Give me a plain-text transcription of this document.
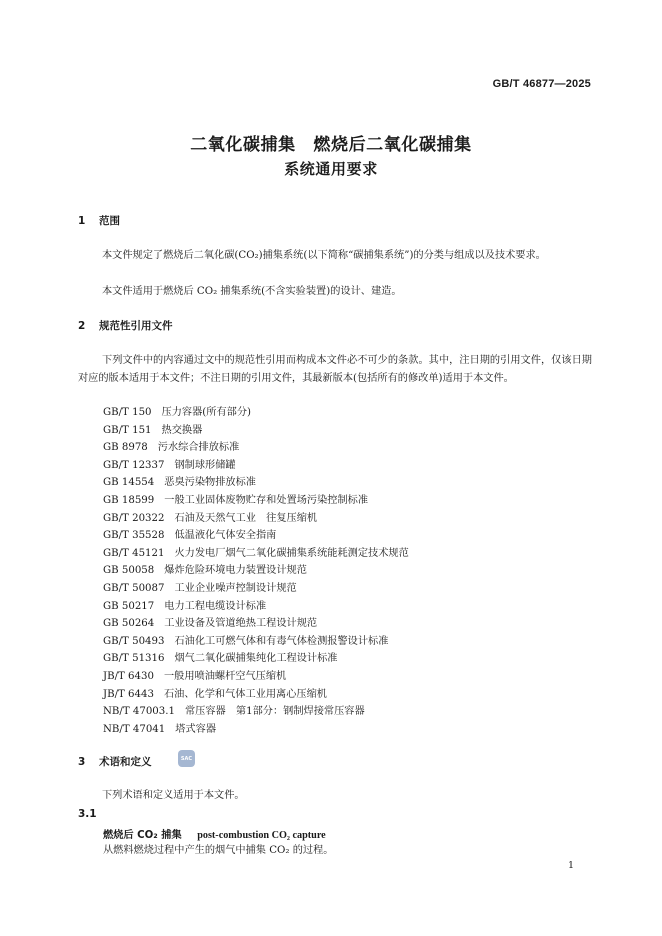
GB/T 46877—2025
二氧化碳捕集　燃烧后二氧化碳捕集
系统通用要求
1	范围
本文件规定了燃烧后二氧化碳(CO₂)捕集系统(以下简称“碳捕集系统”)的分类与组成以及技术要求。
本文件适用于燃烧后 CO₂ 捕集系统(不含实验装置)的设计、建造。
2	规范性引用文件
下列文件中的内容通过文中的规范性引用而构成本文件必不可少的条款。其中，注日期的引用文件，仅该日期对应的版本适用于本文件；不注日期的引用文件，其最新版本(包括所有的修改单)适用于本文件。
GB/T 150 压力容器(所有部分)
GB/T 151 热交换器
GB 8978 污水综合排放标准
GB/T 12337 钢制球形储罐
GB 14554 恶臭污染物排放标准
GB 18599 一般工业固体废物贮存和处置场污染控制标准
GB/T 20322 石油及天然气工业　往复压缩机
GB/T 35528 低温液化气体安全指南
GB/T 45121 火力发电厂烟气二氧化碳捕集系统能耗测定技术规范
GB 50058 爆炸危险环境电力装置设计规范
GB/T 50087 工业企业噪声控制设计规范
GB 50217 电力工程电缆设计标准
GB 50264 工业设备及管道绝热工程设计规范
GB/T 50493 石油化工可燃气体和有毒气体检测报警设计标准
GB/T 51316 烟气二氧化碳捕集纯化工程设计标准
JB/T 6430 一般用喷油螺杆空气压缩机
JB/T 6443 石油、化学和气体工业用离心压缩机
NB/T 47003.1 常压容器　第1部分：钢制焊接常压容器
NB/T 47041 塔式容器
3	术语和定义	SAC
下列术语和定义适用于本文件。
3.1
燃烧后 CO₂ 捕集 post-combustion CO₂ capture
从燃料燃烧过程中产生的烟气中捕集 CO₂ 的过程。
1
